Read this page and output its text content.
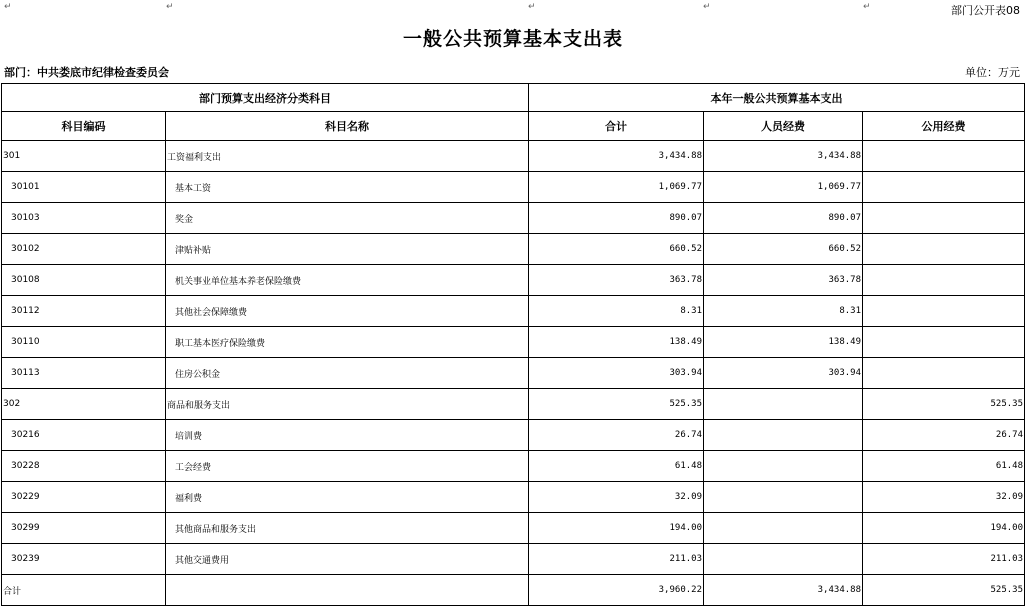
↵	↵	↵	↵	↵	部门公开表08
一般公共预算基本支出表
部门：中共娄底市纪律检查委员会	单位：万元
部门预算支出经济分类科目		本年一般公共预算基本支出		
科目编码	科目名称	合计	人员经费	公用经费
301	工资福利支出	3,434.88	3,434.88	
30101	基本工资	1,069.77	1,069.77	
30103	奖金	890.07	890.07	
30102	津贴补贴	660.52	660.52	
30108	机关事业单位基本养老保险缴费	363.78	363.78	
30112	其他社会保障缴费	8.31	8.31	
30110	职工基本医疗保险缴费	138.49	138.49	
30113	住房公积金	303.94	303.94	
302	商品和服务支出	525.35		525.35
30216	培训费	26.74		26.74
30228	工会经费	61.48		61.48
30229	福利费	32.09		32.09
30299	其他商品和服务支出	194.00		194.00
30239	其他交通费用	211.03		211.03
合计		3,960.22	3,434.88	525.35
